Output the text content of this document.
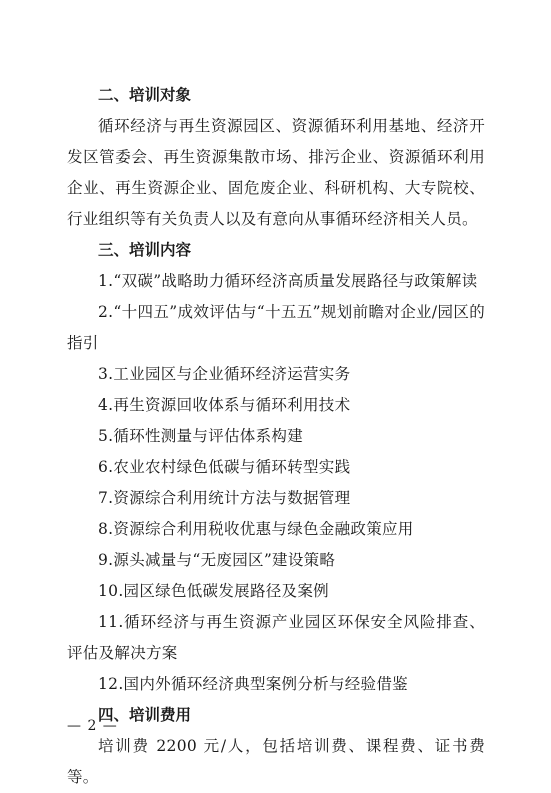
二、培训对象

循环经济与再生资源园区、资源循环利用基地、经济开发区管委会、再生资源集散市场、排污企业、资源循环利用企业、再生资源企业、固危废企业、科研机构、大专院校、行业组织等有关负责人以及有意向从事循环经济相关人员。

三、培训内容

1.“双碳”战略助力循环经济高质量发展路径与政策解读

2.“十四五”成效评估与“十五五”规划前瞻对企业/园区的指引

3.工业园区与企业循环经济运营实务

4.再生资源回收体系与循环利用技术

5.循环性测量与评估体系构建

6.农业农村绿色低碳与循环转型实践

7.资源综合利用统计方法与数据管理

8.资源综合利用税收优惠与绿色金融政策应用

9.源头减量与“无废园区”建设策略

10.园区绿色低碳发展路径及案例

11.循环经济与再生资源产业园区环保安全风险排查、评估及解决方案

12.国内外循环经济典型案例分析与经验借鉴

四、培训费用

培训费 2200 元/人，包括培训费、课程费、证书费等。

— 2 —
